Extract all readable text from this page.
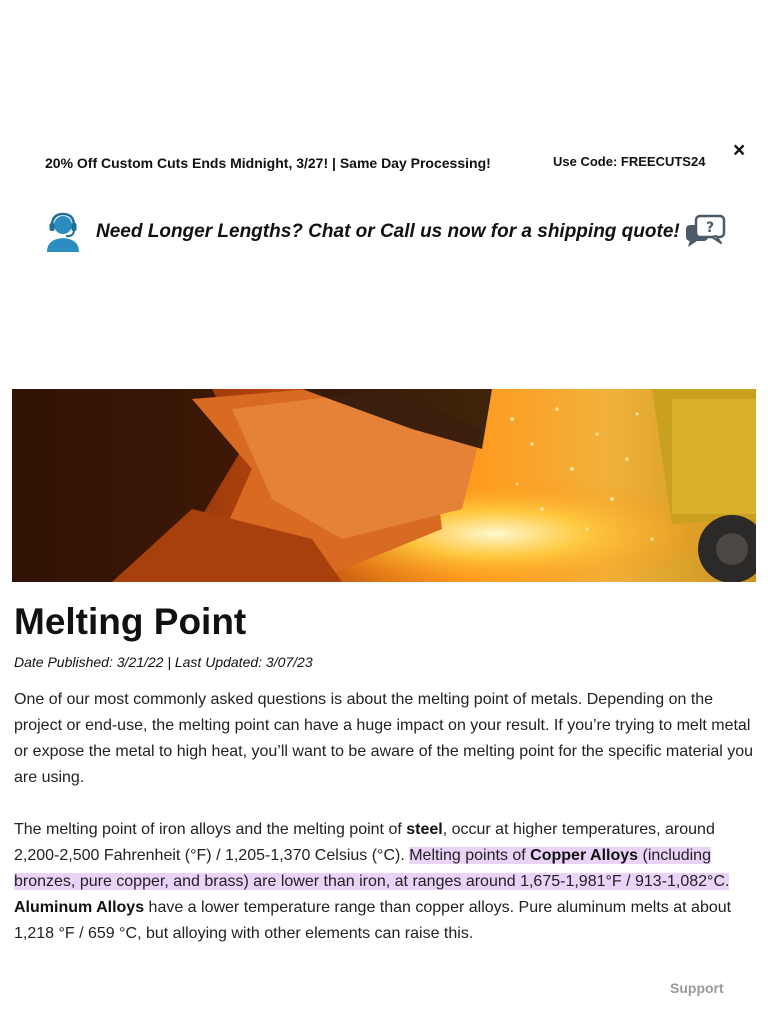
20% Off Custom Cuts Ends Midnight, 3/27! | Same Day Processing!	Use Code: FREECUTS24 ×
Need Longer Lengths? Chat or Call us now for a shipping quote! ?
Melting Point
Date Published: 3/21/22 | Last Updated: 3/07/23

One of our most commonly asked questions is about the melting point of metals. Depending on the project or end-use, the melting point can have a huge impact on your result. If you’re trying to melt metal or expose the metal to high heat, you’ll want to be aware of the melting point for the specific material you are using.

The melting point of iron alloys and the melting point of steel, occur at higher temperatures, around 2,200-2,500 Fahrenheit (°F) / 1,205-1,370 Celsius (°C). Melting points of Copper Alloys (including bronzes, pure copper, and brass) are lower than iron, at ranges around 1,675-1,981°F / 913-1,082°C. Aluminum Alloys have a lower temperature range than copper alloys. Pure aluminum melts at about 1,218 °F / 659 °C, but alloying with other elements can raise this.

Support
